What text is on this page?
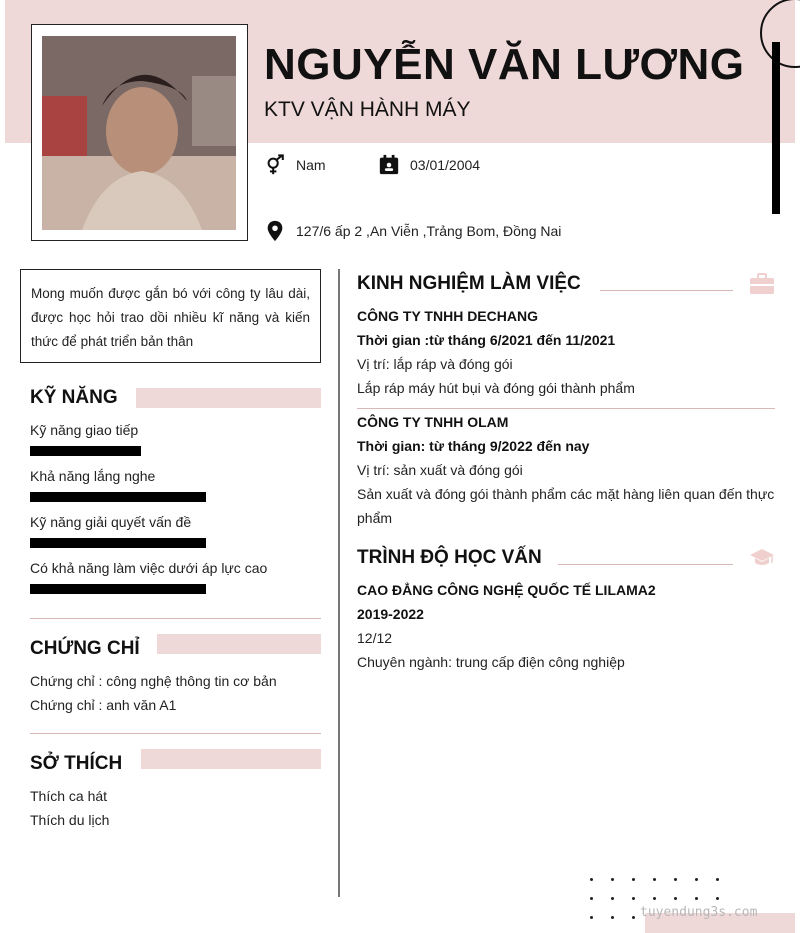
NGUYỄN VĂN LƯƠNG
KTV VẬN HÀNH MÁY
Nam	03/01/2004
127/6 ấp 2 ,An Viễn ,Trảng Bom, Đồng Nai
Mong muốn được gắn bó với công ty lâu dài, được học hỏi trao dồi nhiều kĩ năng và kiến thức để phát triển bản thân
KỸ NĂNG
Kỹ năng giao tiếp
Khả năng lắng nghe
Kỹ năng giải quyết vấn đề
Có khả năng làm việc dưới áp lực cao
CHỨNG CHỈ
Chứng chỉ : công nghệ thông tin cơ bản
Chứng chỉ : anh văn A1
SỞ THÍCH
Thích ca hát
Thích du lịch
KINH NGHIỆM LÀM VIỆC
CÔNG TY TNHH DECHANG
Thời gian :từ tháng 6/2021 đến 11/2021
Vị trí: lắp ráp và đóng gói
Lắp ráp máy hút bụi và đóng gói thành phẩm
CÔNG TY TNHH OLAM
Thời gian: từ tháng 9/2022 đến nay
Vị trí: sản xuất và đóng gói
Sản xuất và đóng gói thành phẩm các mặt hàng liên quan đến thực
phẩm
TRÌNH ĐỘ HỌC VẤN
CAO ĐẲNG CÔNG NGHỆ QUỐC TẾ LILAMA2
2019-2022
12/12
Chuyên ngành: trung cấp điện công nghiệp
tuyendung3s.com
